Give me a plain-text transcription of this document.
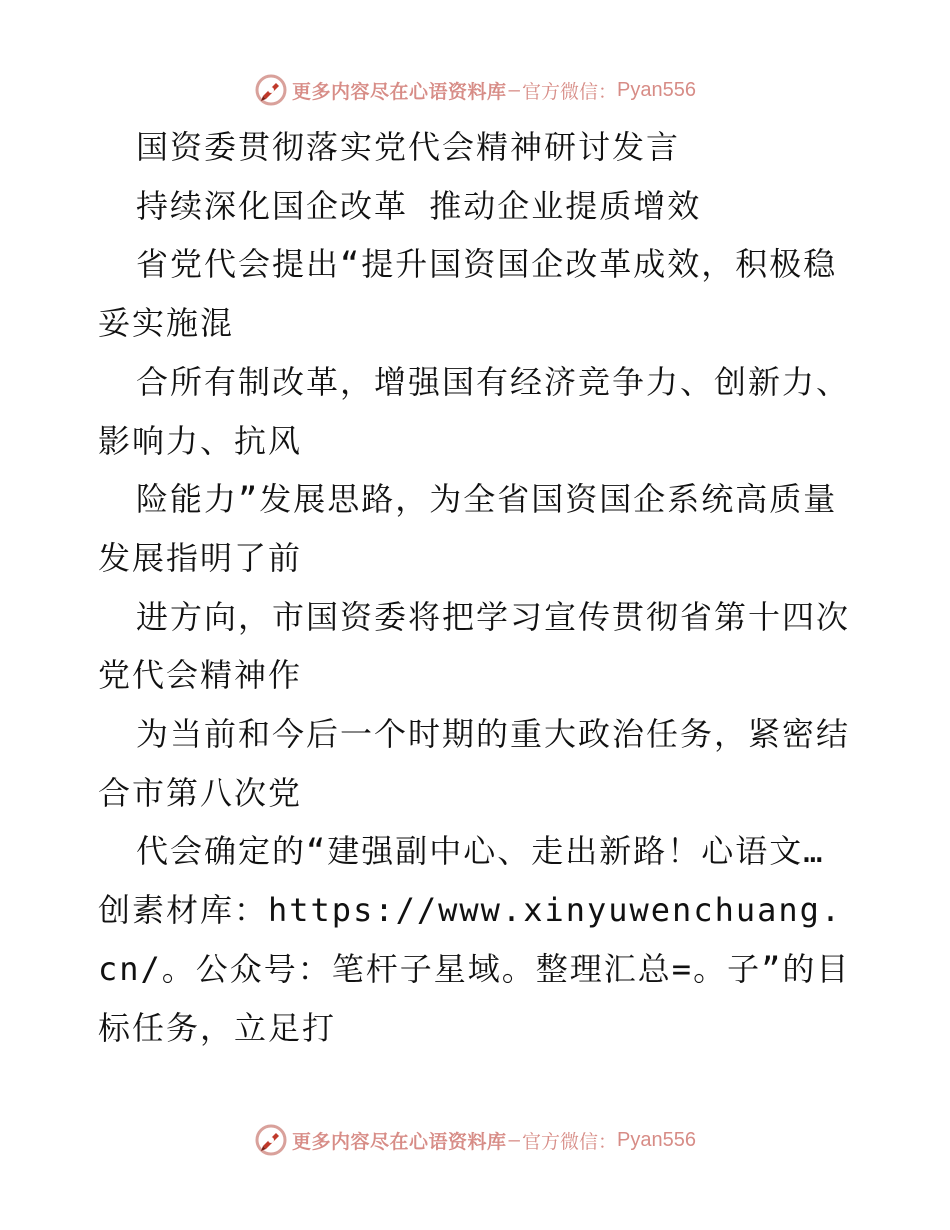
更多内容尽在心语资料库 — 官方微信： Pyan556

国资委贯彻落实党代会精神研讨发言

持续深化国企改革 推动企业提质增效

省党代会提出“提升国资国企改革成效，积极稳妥实施混

合所有制改革，增强国有经济竞争力、创新力、影响力、抗风

险能力”发展思路，为全省国资国企系统高质量发展指明了前

进方向，市国资委将把学习宣传贯彻省第十四次党代会精神作

为当前和今后一个时期的重大政治任务，紧密结合市第八次党

代会确定的“建强副中心、走出新路！心语文…创素材库：https://www.xinyuwenchuang.cn/。公众号：笔杆子星域。整理汇总=。子”的目标任务，立足打

更多内容尽在心语资料库 — 官方微信： Pyan556
